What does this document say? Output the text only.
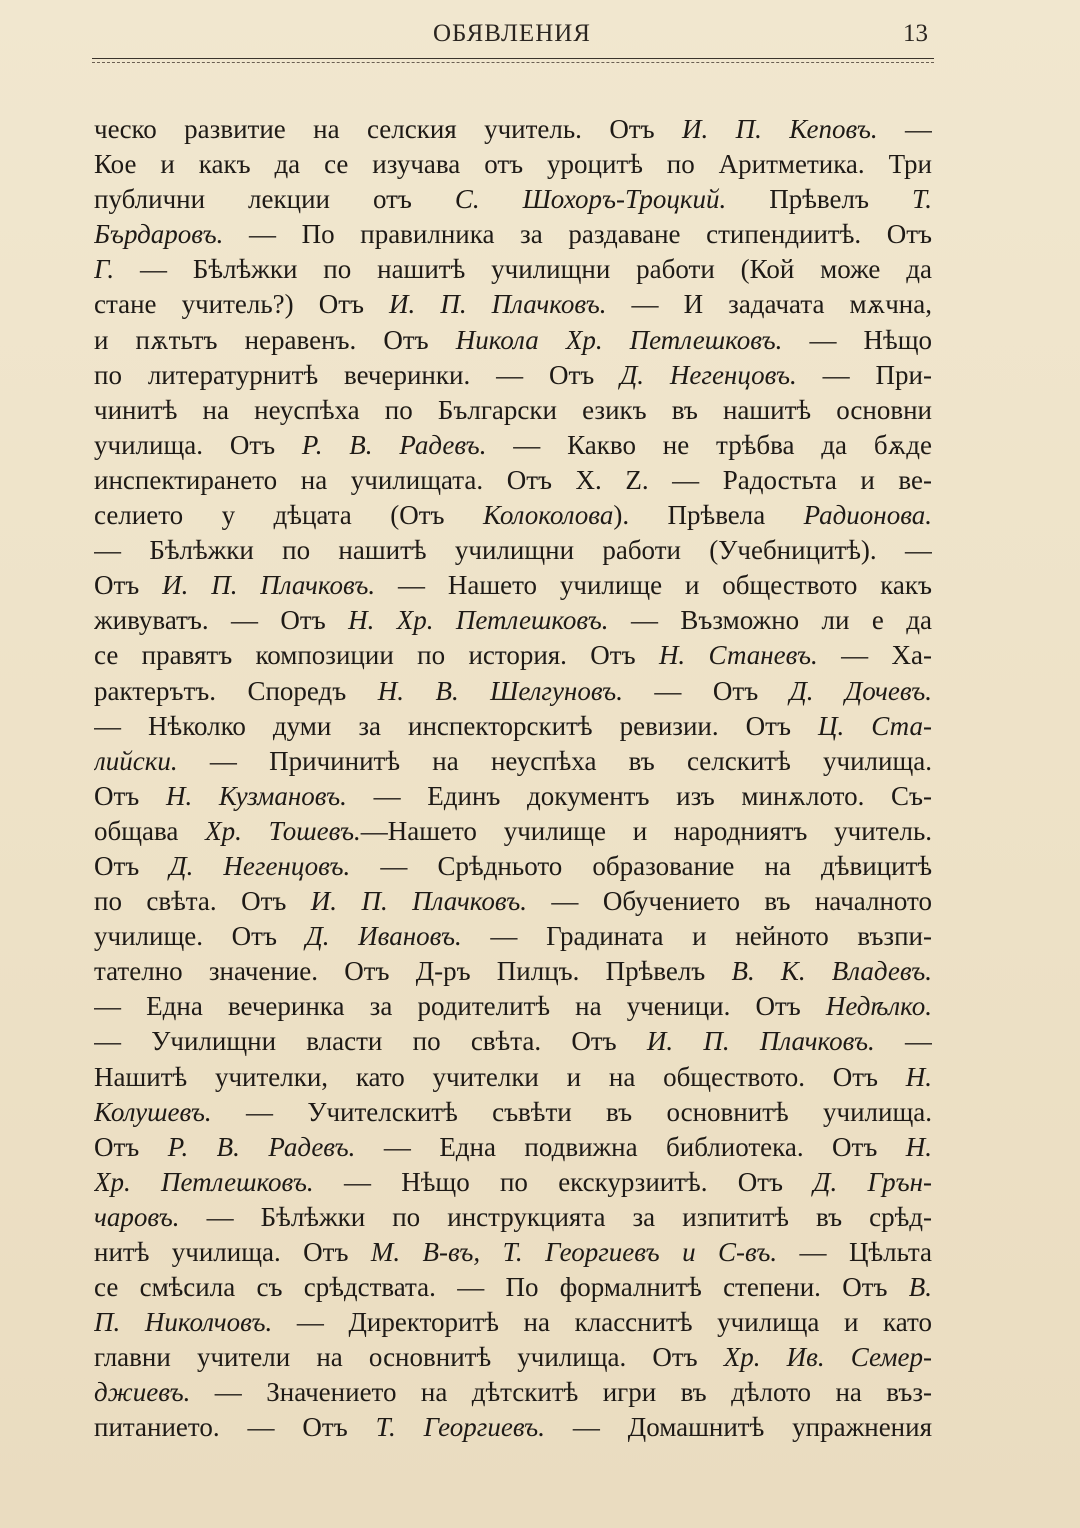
ОБЯВЛЕНИЯ	13
чеcко развитие на селския учитель. Отъ И. П. Кеповъ. —
Кое и какъ да се изучава отъ уроцитѣ по Аритметика. Три
публични лекции отъ С. Шохоръ-Троцкий. Прѣвелъ Т.
Бърдаровъ. — По правилника за раздаване стипендиитѣ. Отъ
Г. — Бѣлѣжки по нашитѣ училищни работи (Кой може да
стане учитель?) Отъ И. П. Плачковъ. — И задачата мѫчна,
и пѫтьтъ неравенъ. Отъ Никола Хр. Петлешковъ. — Нѣщо
по литературнитѣ вечеринки. — Отъ Д. Негенцовъ. — При-
чинитѣ на неуспѣха по Български езикъ въ нашитѣ основни
училища. Отъ Р. В. Радевъ. — Какво не трѣбва да бѫде
инспектирането на училищата. Отъ Х. Z. — Радостьта и ве-
селието у дѣцата (Отъ Колоколова). Прѣвела Радионова.
— Бѣлѣжки по нашитѣ училищни работи (Учебницитѣ). —
Отъ И. П. Плачковъ. — Нашето училище и обществото какъ
живуватъ. — Отъ Н. Хр. Петлешковъ. — Възможно ли е да
се правятъ композиции по история. Отъ Н. Станевъ. — Ха-
рактерътъ. Споредъ Н. В. Шелгуновъ. — Отъ Д. Дочевъ.
— Нѣколко думи за инспекторскитѣ ревизии. Отъ Ц. Ста-
лийски. — Причинитѣ на неуспѣха въ селскитѣ училища.
Отъ Н. Кузмановъ. — Единъ документъ изъ минѫлото. Съ-
общава Хр. Тошевъ.—Нашето училище и народниятъ учитель.
Отъ Д. Негенцовъ. — Срѣдньото образование на дѣвицитѣ
по свѣта. Отъ И. П. Плачковъ. — Обучението въ началното
училище. Отъ Д. Ивановъ. — Градината и нейното възпи-
тателно значение. Отъ Д-ръ Пилцъ. Прѣвелъ В. К. Владевъ.
— Една вечеринка за родителитѣ на ученици. Отъ Недѣлко.
— Училищни власти по свѣта. Отъ И. П. Плачковъ. —
Нашитѣ учителки, като учителки и на обществото. Отъ Н.
Колушевъ. — Учителскитѣ съвѣти въ основнитѣ училища.
Отъ Р. В. Радевъ. — Една подвижна библиотека. Отъ Н.
Хр. Петлешковъ. — Нѣщо по екскурзиитѣ. Отъ Д. Грън-
чаровъ. — Бѣлѣжки по инструкцията за изпититѣ въ срѣд-
нитѣ училища. Отъ М. В-въ, Т. Георгиевъ и С-въ. — Цѣльта
се смѣсила съ срѣдствата. — По формалнитѣ степени. Отъ В.
П. Николчовъ. — Директоритѣ на класснитѣ училища и като
главни учители на основнитѣ училища. Отъ Хр. Ив. Семер-
джиевъ. — Значението на дѣтскитѣ игри въ дѣлото на въз-
питанието. — Отъ Т. Георгиевъ. — Домашнитѣ упражнения
